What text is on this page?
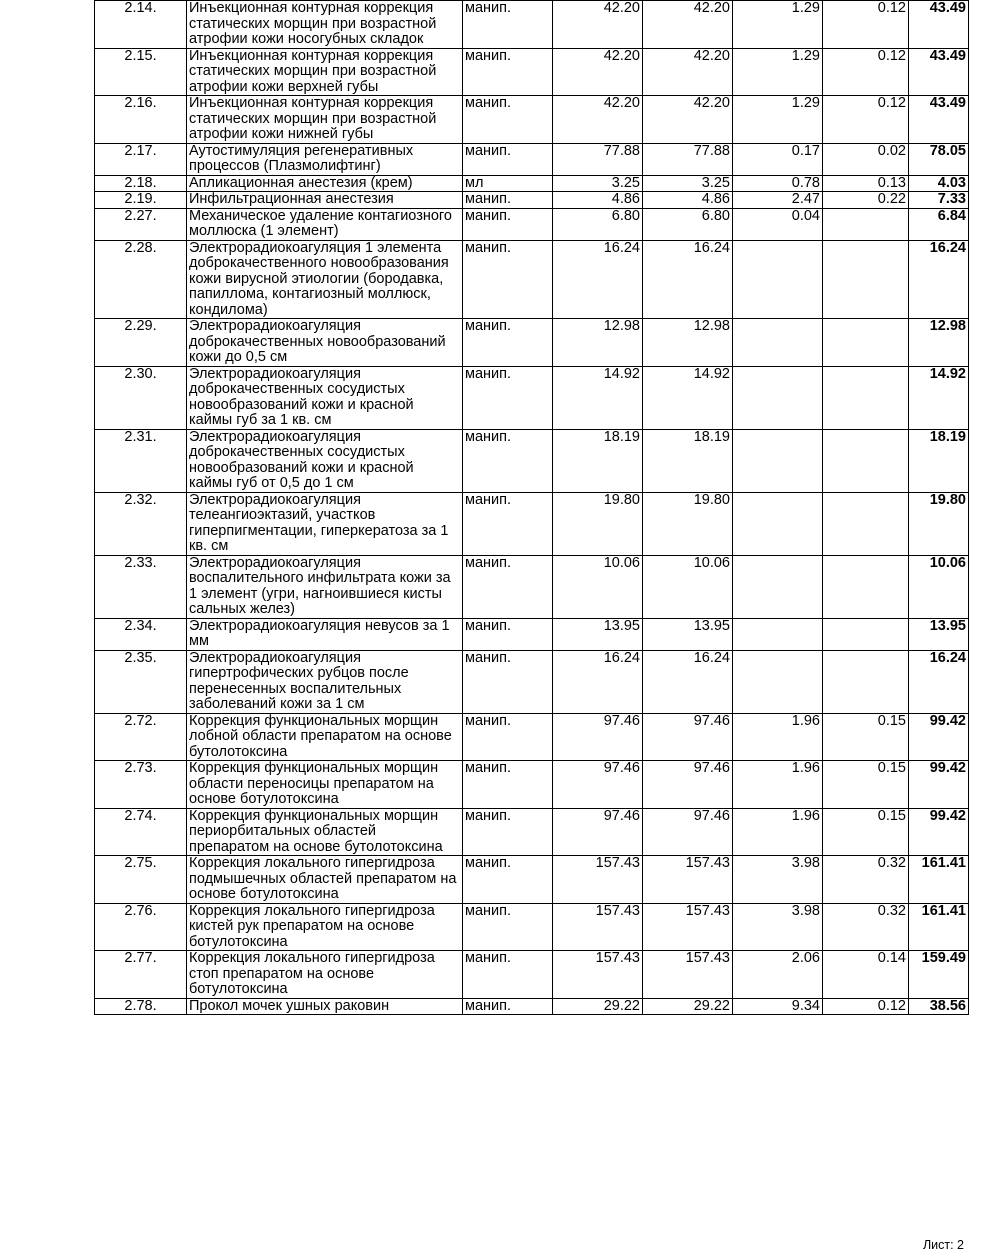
2.14.	Инъекционная контурная коррекция статических морщин при возрастной атрофии кожи носогубных складок	манип.	42.20	42.20	1.29	0.12	43.49
2.15.	Инъекционная контурная коррекция статических морщин при возрастной атрофии кожи верхней губы	манип.	42.20	42.20	1.29	0.12	43.49
2.16.	Инъекционная контурная коррекция статических морщин при возрастной атрофии кожи нижней губы	манип.	42.20	42.20	1.29	0.12	43.49
2.17.	Аутостимуляция регенеративных процессов (Плазмолифтинг)	манип.	77.88	77.88	0.17	0.02	78.05
2.18.	Апликационная анестезия (крем)	мл	3.25	3.25	0.78	0.13	4.03
2.19.	Инфильтрационная анестезия	манип.	4.86	4.86	2.47	0.22	7.33
2.27.	Механическое удаление контагиозного моллюска (1 элемент)	манип.	6.80	6.80	0.04		6.84
2.28.	Электрорадиокоагуляция 1 элемента доброкачественного новообразования кожи вирусной этиологии (бородавка, папиллома, контагиозный моллюск, кондилома)	манип.	16.24	16.24			16.24
2.29.	Электрорадиокоагуляция доброкачественных новообразований кожи до 0,5 см	манип.	12.98	12.98			12.98
2.30.	Электрорадиокоагуляция доброкачественных сосудистых новообразований кожи и красной каймы губ за 1 кв. см	манип.	14.92	14.92			14.92
2.31.	Электрорадиокоагуляция доброкачественных сосудистых новообразований кожи и красной каймы губ от 0,5 до 1 см	манип.	18.19	18.19			18.19
2.32.	Электрорадиокоагуляция телеангиоэктазий, участков гиперпигментации, гиперкератоза за 1 кв. см	манип.	19.80	19.80			19.80
2.33.	Электрорадиокоагуляция воспалительного инфильтрата кожи за 1 элемент (угри, нагноившиеся кисты сальных желез)	манип.	10.06	10.06			10.06
2.34.	Электрорадиокоагуляция невусов за 1 мм	манип.	13.95	13.95			13.95
2.35.	Электрорадиокоагуляция гипертрофических рубцов после перенесенных воспалительных заболеваний кожи за 1 см	манип.	16.24	16.24			16.24
2.72.	Коррекция функциональных морщин лобной области препаратом на основе бутолотоксина	манип.	97.46	97.46	1.96	0.15	99.42
2.73.	Коррекция функциональных морщин области переносицы препаратом на основе ботулотоксина	манип.	97.46	97.46	1.96	0.15	99.42
2.74.	Коррекция функциональных морщин периорбитальных областей препаратом на основе бутолотоксина	манип.	97.46	97.46	1.96	0.15	99.42
2.75.	Коррекция локального гипергидроза подмышечных областей препаратом на основе ботулотоксина	манип.	157.43	157.43	3.98	0.32	161.41
2.76.	Коррекция локального гипергидроза кистей рук препаратом на основе ботулотоксина	манип.	157.43	157.43	3.98	0.32	161.41
2.77.	Коррекция локального гипергидроза стоп препаратом на основе ботулотоксина	манип.	157.43	157.43	2.06	0.14	159.49
2.78.	Прокол мочек ушных раковин	манип.	29.22	29.22	9.34	0.12	38.56
Лист: 2
